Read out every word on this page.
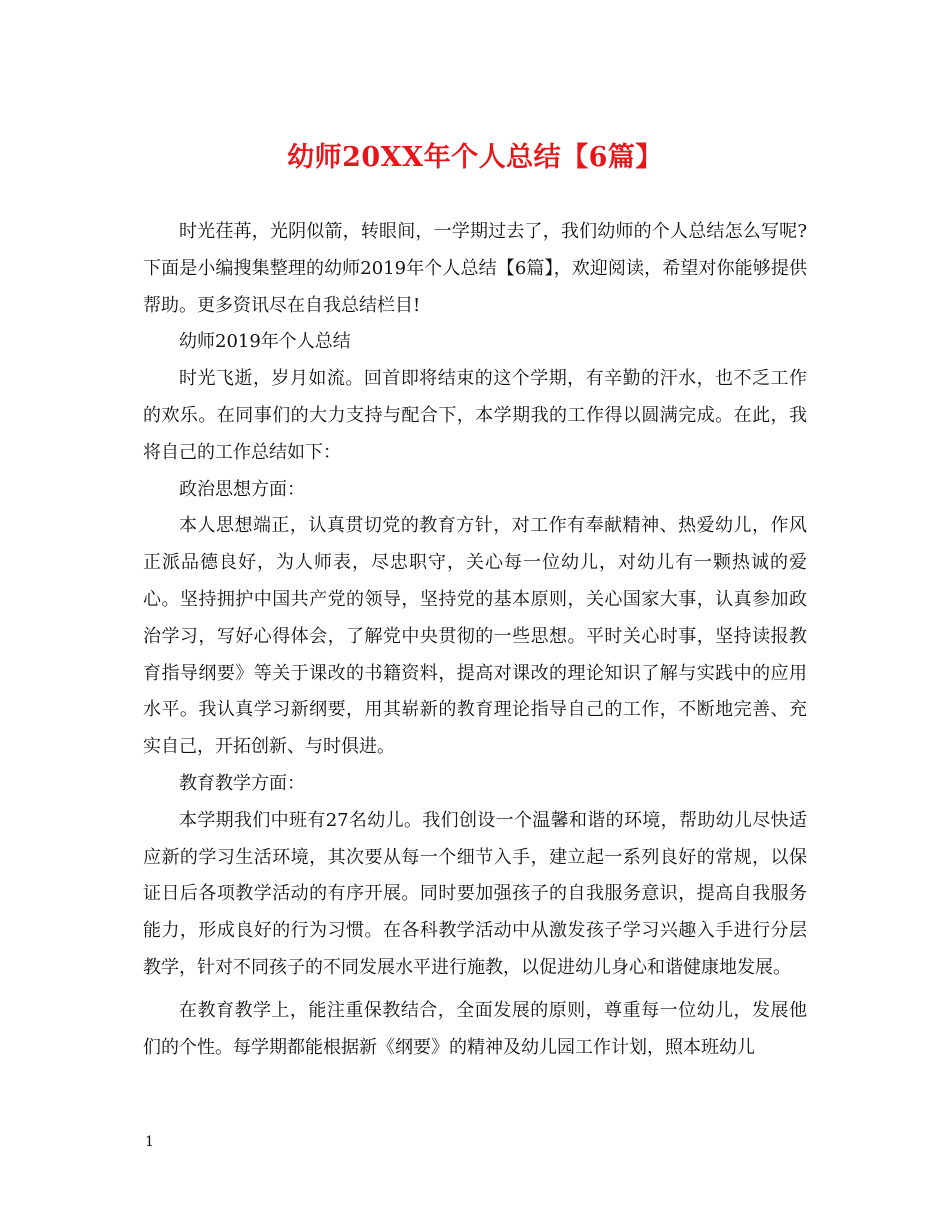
幼师20XX年个人总结【6篇】

时光荏苒，光阴似箭，转眼间，一学期过去了，我们幼师的个人总结怎么写呢?下面是小编搜集整理的幼师2019年个人总结【6篇】，欢迎阅读，希望对你能够提供帮助。更多资讯尽在自我总结栏目!

幼师2019年个人总结

时光飞逝，岁月如流。回首即将结束的这个学期，有辛勤的汗水，也不乏工作的欢乐。在同事们的大力支持与配合下，本学期我的工作得以圆满完成。在此，我将自己的工作总结如下：

政治思想方面：

本人思想端正，认真贯切党的教育方针，对工作有奉献精神、热爱幼儿，作风正派品德良好，为人师表，尽忠职守，关心每一位幼儿，对幼儿有一颗热诚的爱心。坚持拥护中国共产党的领导，坚持党的基本原则，关心国家大事，认真参加政治学习，写好心得体会，了解党中央贯彻的一些思想。平时关心时事，坚持读报教育指导纲要》等关于课改的书籍资料，提高对课改的理论知识了解与实践中的应用水平。我认真学习新纲要，用其崭新的教育理论指导自己的工作，不断地完善、充实自己，开拓创新、与时俱进。

教育教学方面：

本学期我们中班有27名幼儿。我们创设一个温馨和谐的环境，帮助幼儿尽快适应新的学习生活环境，其次要从每一个细节入手，建立起一系列良好的常规，以保证日后各项教学活动的有序开展。同时要加强孩子的自我服务意识，提高自我服务能力，形成良好的行为习惯。在各科教学活动中从激发孩子学习兴趣入手进行分层教学，针对不同孩子的不同发展水平进行施教，以促进幼儿身心和谐健康地发展。

在教育教学上，能注重保教结合，全面发展的原则，尊重每一位幼儿，发展他们的个性。每学期都能根据新《纲要》的精神及幼儿园工作计划，照本班幼儿

1
